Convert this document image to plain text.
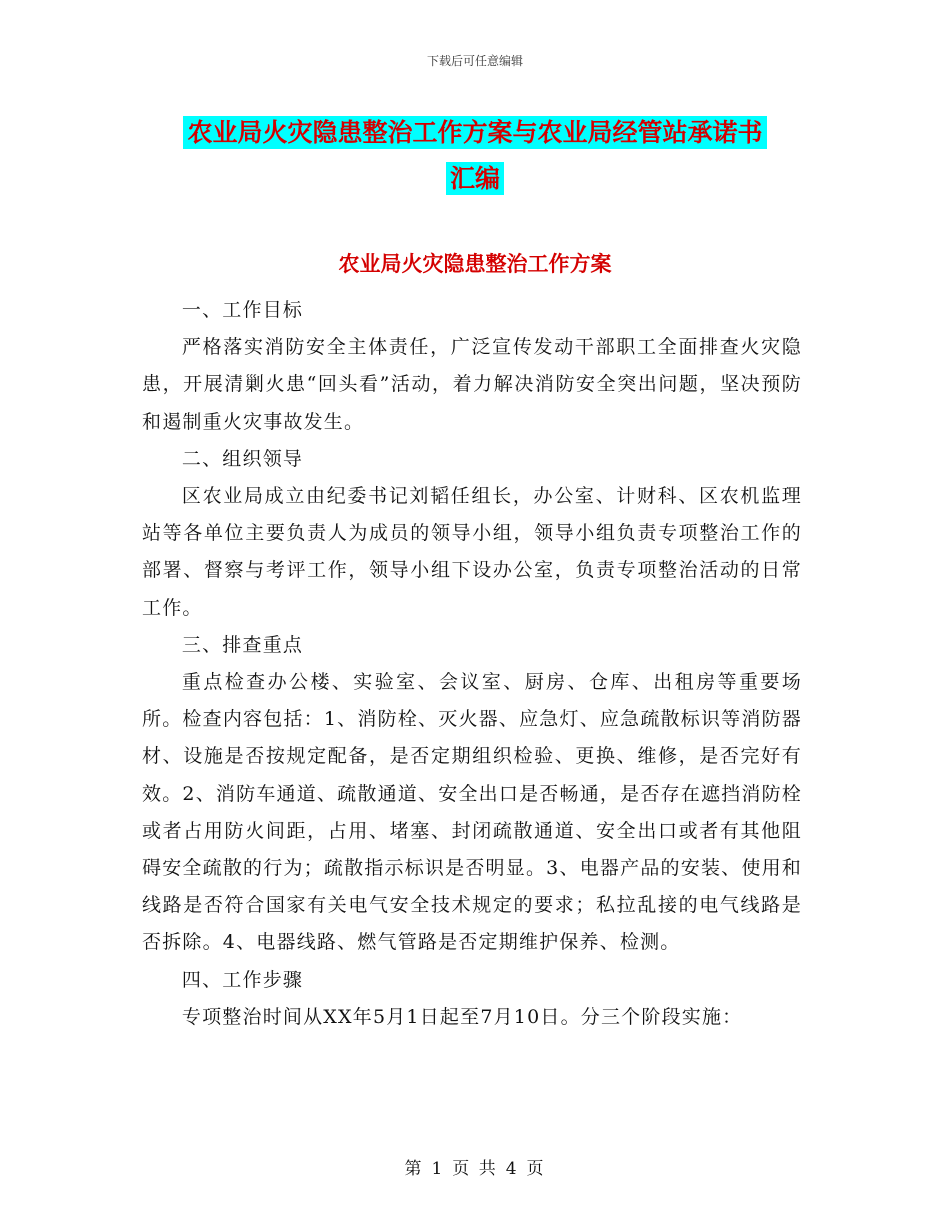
下载后可任意编辑
农业局火灾隐患整治工作方案与农业局经管站承诺书
汇编
农业局火灾隐患整治工作方案

一、工作目标

严格落实消防安全主体责任，广泛宣传发动干部职工全面排查火灾隐患，开展清剿火患“回头看”活动，着力解决消防安全突出问题，坚决预防和遏制重火灾事故发生。

二、组织领导

区农业局成立由纪委书记刘韬任组长，办公室、计财科、区农机监理站等各单位主要负责人为成员的领导小组，领导小组负责专项整治工作的部署、督察与考评工作，领导小组下设办公室，负责专项整治活动的日常工作。

三、排查重点

重点检查办公楼、实验室、会议室、厨房、仓库、出租房等重要场所。检查内容包括：1、消防栓、灭火器、应急灯、应急疏散标识等消防器材、设施是否按规定配备，是否定期组织检验、更换、维修，是否完好有效。2、消防车通道、疏散通道、安全出口是否畅通，是否存在遮挡消防栓或者占用防火间距，占用、堵塞、封闭疏散通道、安全出口或者有其他阻碍安全疏散的行为；疏散指示标识是否明显。3、电器产品的安装、使用和线路是否符合国家有关电气安全技术规定的要求；私拉乱接的电气线路是否拆除。4、电器线路、燃气管路是否定期维护保养、检测。

四、工作步骤

专项整治时间从XX年5月1日起至7月10日。分三个阶段实施：

第 1 页 共 4 页
